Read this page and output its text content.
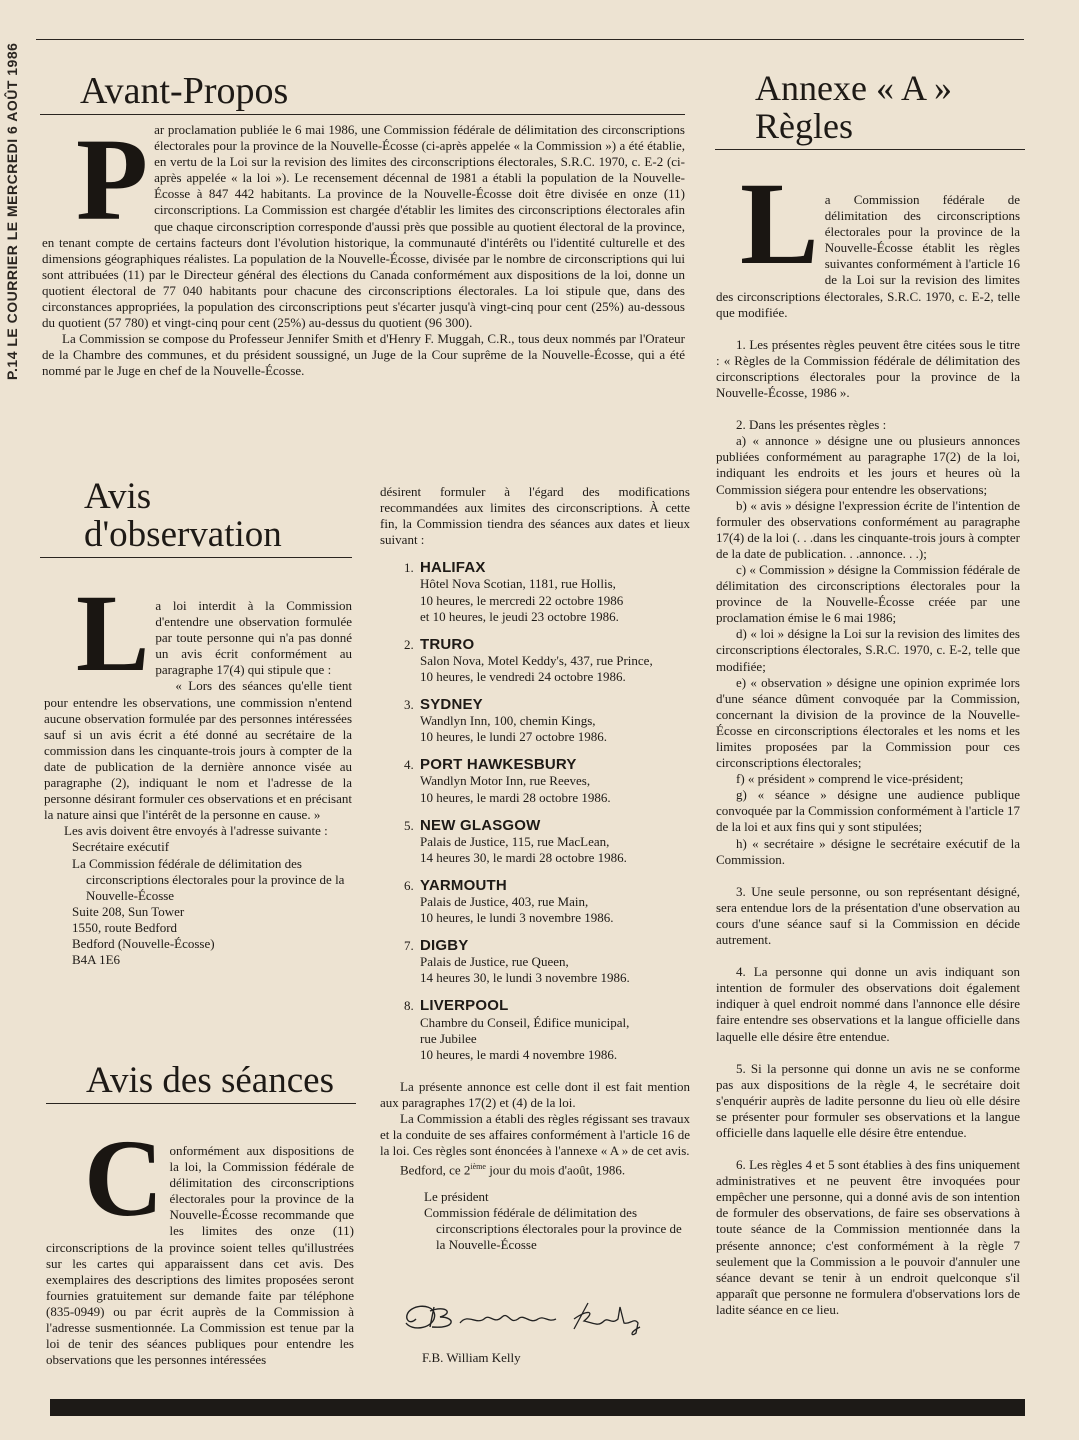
P.14 LE COURRIER LE MERCREDI 6 AOÛT 1986 Avant-Propos
P ar proclamation publiée le 6 mai 1986, une Commission fédérale de délimitation des circonscriptions électorales pour la province de la Nouvelle-Écosse (ci-après appelée « la Commission ») a été établie, en vertu de la Loi sur la revision des limites des circonscriptions électorales, S.R.C. 1970, c. E-2 (ci-après appelée « la loi »). Le recensement décennal de 1981 a établi la population de la Nouvelle-Écosse à 847 442 habitants. La province de la Nouvelle-Écosse doit être divisée en onze (11) circonscriptions. La Commission est chargée d'établir les limites des circonscriptions électorales afin que chaque circonscription corresponde d'aussi près que possible au quotient électoral de la province, en tenant compte de certains facteurs dont l'évolution historique, la communauté d'intérêts ou l'identité culturelle et des dimensions géographiques réalistes. La population de la Nouvelle-Écosse, divisée par le nombre de circonscriptions qui lui sont attribuées (11) par le Directeur général des élections du Canada conformément aux dispositions de la loi, donne un quotient électoral de 77 040 habitants pour chacune des circonscriptions électorales. La loi stipule que, dans des circonstances appropriées, la population des circonscriptions peut s'écarter jusqu'à vingt-cinq pour cent (25%) au-dessous du quotient (57 780) et vingt-cinq pour cent (25%) au-dessus du quotient (96 300).

La Commission se compose du Professeur Jennifer Smith et d'Henry F. Muggah, C.R., tous deux nommés par l'Orateur de la Chambre des communes, et du président soussigné, un Juge de la Cour suprême de la Nouvelle-Écosse, qui a été nommé par le Juge en chef de la Nouvelle-Écosse.

Avis
d'observation
L a loi interdit à la Commission d'entendre une observation formulée par toute personne qui n'a pas donné un avis écrit conformément au paragraphe 17(4) qui stipule que :

« Lors des séances qu'elle tient pour entendre les observations, une commission n'entend aucune observation formulée par des personnes intéressées sauf si un avis écrit a été donné au secrétaire de la commission dans les cinquante-trois jours à compter de la date de publication de la dernière annonce visée au paragraphe (2), indiquant le nom et l'adresse de la personne désirant formuler ces observations et en précisant la nature ainsi que l'intérêt de la personne en cause. »

Les avis doivent être envoyés à l'adresse suivante :

Secrétaire exécutif

La Commission fédérale de délimitation des circonscriptions électorales pour la province de la Nouvelle-Écosse

Suite 208, Sun Tower

1550, route Bedford

Bedford (Nouvelle-Écosse)

B4A 1E6

Avis des séances
C onformément aux dispositions de la loi, la Commission fédérale de délimitation des circonscriptions électorales pour la province de la Nouvelle-Écosse recommande que les limites des onze (11) circonscriptions de la province soient telles qu'illustrées sur les cartes qui apparaissent dans cet avis. Des exemplaires des descriptions des limites proposées seront fournies gratuitement sur demande faite par téléphone (835-0949) ou par écrit auprès de la Commission à l'adresse susmentionnée. La Commission est tenue par la loi de tenir des séances publiques pour entendre les observations que les personnes intéressées

désirent formuler à l'égard des modifications recommandées aux limites des circonscriptions. À cette fin, la Commission tiendra des séances aux dates et lieux suivant :

1. HALIFAX
Hôtel Nova Scotian, 1181, rue Hollis,
10 heures, le mercredi 22 octobre 1986
et 10 heures, le jeudi 23 octobre 1986.
2. TRURO
Salon Nova, Motel Keddy's, 437, rue Prince,
10 heures, le vendredi 24 octobre 1986.
3. SYDNEY
Wandlyn Inn, 100, chemin Kings,
10 heures, le lundi 27 octobre 1986.
4. PORT HAWKESBURY
Wandlyn Motor Inn, rue Reeves,
10 heures, le mardi 28 octobre 1986.
5. NEW GLASGOW
Palais de Justice, 115, rue MacLean,
14 heures 30, le mardi 28 octobre 1986.
6. YARMOUTH
Palais de Justice, 403, rue Main,
10 heures, le lundi 3 novembre 1986.
7. DIGBY
Palais de Justice, rue Queen,
14 heures 30, le lundi 3 novembre 1986.
8. LIVERPOOL
Chambre du Conseil, Édifice municipal,
rue Jubilee
10 heures, le mardi 4 novembre 1986.

La présente annonce est celle dont il est fait mention aux paragraphes 17(2) et (4) de la loi.

La Commission a établi des règles régissant ses travaux et la conduite de ses affaires conformément à l'article 16 de la loi. Ces règles sont énoncées à l'annexe « A » de cet avis.

Bedford, ce 2ième jour du mois d'août, 1986.

Le président

Commission fédérale de délimitation des circonscriptions électorales pour la province de la Nouvelle-Écosse

F.B. William Kelly

Annexe « A »
Règles
L a Commission fédérale de délimitation des circonscriptions électorales pour la province de la Nouvelle-Écosse établit les règles suivantes conformément à l'article 16 de la Loi sur la revision des limites des circonscriptions électorales, S.R.C. 1970, c. E-2, telle que modifiée.

1. Les présentes règles peuvent être citées sous le titre : « Règles de la Commission fédérale de délimitation des circonscriptions électorales pour la province de la Nouvelle-Écosse, 1986 ».

2. Dans les présentes règles :

a) « annonce » désigne une ou plusieurs annonces publiées conformément au paragraphe 17(2) de la loi, indiquant les endroits et les jours et heures où la Commission siégera pour entendre les observations;

b) « avis » désigne l'expression écrite de l'intention de formuler des observations conformément au paragraphe 17(4) de la loi (. . .dans les cinquante-trois jours à compter de la date de publication. . .annonce. . .);

c) « Commission » désigne la Commission fédérale de délimitation des circonscriptions électorales pour la province de la Nouvelle-Écosse créée par une proclamation émise le 6 mai 1986;

d) « loi » désigne la Loi sur la revision des limites des circonscriptions électorales, S.R.C. 1970, c. E-2, telle que modifiée;

e) « observation » désigne une opinion exprimée lors d'une séance dûment convoquée par la Commission, concernant la division de la province de la Nouvelle-Écosse en circonscriptions électorales et les noms et les limites proposées par la Commission pour ces circonscriptions électorales;

f) « président » comprend le vice-président;

g) « séance » désigne une audience publique convoquée par la Commission conformément à l'article 17 de la loi et aux fins qui y sont stipulées;

h) « secrétaire » désigne le secrétaire exécutif de la Commission.

3. Une seule personne, ou son représentant désigné, sera entendue lors de la présentation d'une observation au cours d'une séance sauf si la Commission en décide autrement.

4. La personne qui donne un avis indiquant son intention de formuler des observations doit également indiquer à quel endroit nommé dans l'annonce elle désire faire entendre ses observations et la langue officielle dans laquelle elle désire être entendue.

5. Si la personne qui donne un avis ne se conforme pas aux dispositions de la règle 4, le secrétaire doit s'enquérir auprès de ladite personne du lieu où elle désire se présenter pour formuler ses observations et la langue officielle dans laquelle elle désire être entendue.

6. Les règles 4 et 5 sont établies à des fins uniquement administratives et ne peuvent être invoquées pour empêcher une personne, qui a donné avis de son intention de formuler des observations, de faire ses observations à toute séance de la Commission mentionnée dans la présente annonce; c'est conformément à la règle 7 seulement que la Commission a le pouvoir d'annuler une séance devant se tenir à un endroit quelconque s'il apparaît que personne ne formulera d'observations lors de ladite séance en ce lieu.
